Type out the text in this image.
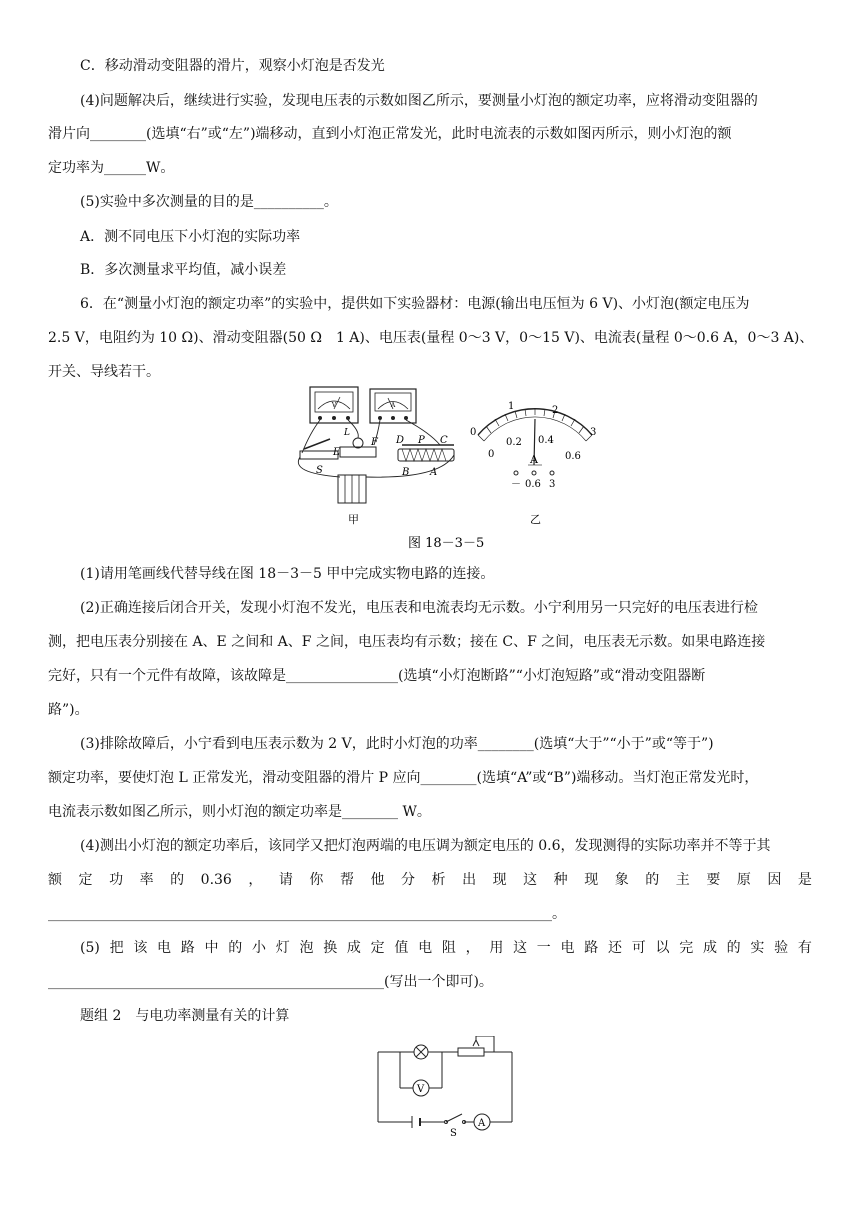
C．移动滑动变阻器的滑片，观察小灯泡是否发光
(4)问题解决后，继续进行实验，发现电压表的示数如图乙所示，要测量小灯泡的额定功率，应将滑动变阻器的
滑片向________(选填“右”或“左”)端移动，直到小灯泡正常发光，此时电流表的示数如图丙所示，则小灯泡的额
定功率为______W。
(5)实验中多次测量的目的是__________。
A．测不同电压下小灯泡的实际功率
B．多次测量求平均值，减小误差
6．在“测量小灯泡的额定功率”的实验中，提供如下实验器材：电源(输出电压恒为 6 V)、小灯泡(额定电压为
2.5 V，电阻约为 10 Ω)、滑动变阻器(50 Ω　1 A)、电压表(量程 0～3 V，0～15 V)、电流表(量程 0～0.6 A，0～3 A)、
开关、导线若干。
V	A
S
E
F
L
D P C
B A
甲
0
1	2
3
0
0.2 0.4
0.6
A
－ 0.6 3
乙
图 18－3－5
(1)请用笔画线代替导线在图 18－3－5 甲中完成实物电路的连接。
(2)正确连接后闭合开关，发现小灯泡不发光，电压表和电流表均无示数。小宁利用另一只完好的电压表进行检
测，把电压表分别接在 A、E 之间和 A、F 之间，电压表均有示数；接在 C、F 之间，电压表无示数。如果电路连接
完好，只有一个元件有故障，该故障是________________(选填“小灯泡断路”“小灯泡短路”或“滑动变阻器断
路”)。
(3)排除故障后，小宁看到电压表示数为 2 V，此时小灯泡的功率________(选填“大于”“小于”或“等于”)
额定功率，要使灯泡 L 正常发光，滑动变阻器的滑片 P 应向________(选填“A”或“B”)端移动。当灯泡正常发光时，
电流表示数如图乙所示，则小灯泡的额定功率是________ W。
(4)测出小灯泡的额定功率后，该同学又把灯泡两端的电压调为额定电压的 0.6，发现测得的实际功率并不等于其
额 定 功 率 的 0.36 ， 请 你 帮 他 分 析 出 现 这 种 现 象 的 主 要 原 因 是
________________________________________________________________________。
(5) 把 该 电 路 中 的 小 灯 泡 换 成 定 值 电 阻 ， 用 这 一 电 路 还 可 以 完 成 的 实 验 有
________________________________________________(写出一个即可)。
题组 2　与电功率测量有关的计算
V
A
S
